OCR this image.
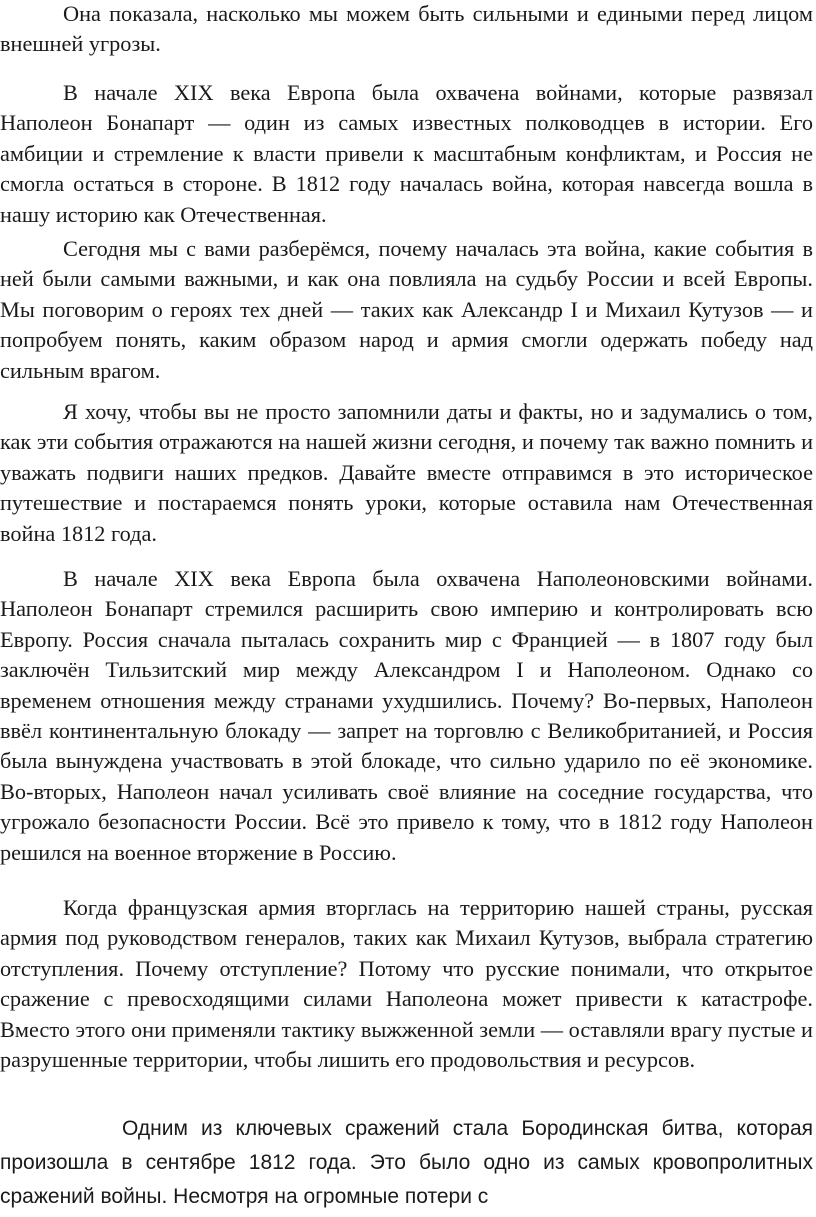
Она показала, насколько мы можем быть сильными и едиными перед лицом внешней угрозы.

В начале XIX века Европа была охвачена войнами, которые развязал Наполеон Бонапарт — один из самых известных полководцев в истории. Его амбиции и стремление к власти привели к масштабным конфликтам, и Россия не смогла остаться в стороне. В 1812 году началась война, которая навсегда вошла в нашу историю как Отечественная.

Сегодня мы с вами разберёмся, почему началась эта война, какие события в ней были самыми важными, и как она повлияла на судьбу России и всей Европы. Мы поговорим о героях тех дней — таких как Александр I и Михаил Кутузов — и попробуем понять, каким образом народ и армия смогли одержать победу над сильным врагом.

Я хочу, чтобы вы не просто запомнили даты и факты, но и задумались о том, как эти события отражаются на нашей жизни сегодня, и почему так важно помнить и уважать подвиги наших предков. Давайте вместе отправимся в это историческое путешествие и постараемся понять уроки, которые оставила нам Отечественная война 1812 года.

В начале XIX века Европа была охвачена Наполеоновскими войнами. Наполеон Бонапарт стремился расширить свою империю и контролировать всю Европу. Россия сначала пыталась сохранить мир с Францией — в 1807 году был заключён Тильзитский мир между Александром I и Наполеоном. Однако со временем отношения между странами ухудшились. Почему? Во-первых, Наполеон ввёл континентальную блокаду — запрет на торговлю с Великобританией, и Россия была вынуждена участвовать в этой блокаде, что сильно ударило по её экономике. Во-вторых, Наполеон начал усиливать своё влияние на соседние государства, что угрожало безопасности России. Всё это привело к тому, что в 1812 году Наполеон решился на военное вторжение в Россию.

Когда французская армия вторглась на территорию нашей страны, русская армия под руководством генералов, таких как Михаил Кутузов, выбрала стратегию отступления. Почему отступление? Потому что русские понимали, что открытое сражение с превосходящими силами Наполеона может привести к катастрофе. Вместо этого они применяли тактику выжженной земли — оставляли врагу пустые и разрушенные территории, чтобы лишить его продовольствия и ресурсов.

Одним из ключевых сражений стала Бородинская битва, которая произошла в сентябре 1812 года. Это было одно из самых кровопролитных сражений войны. Несмотря на огромные потери с
